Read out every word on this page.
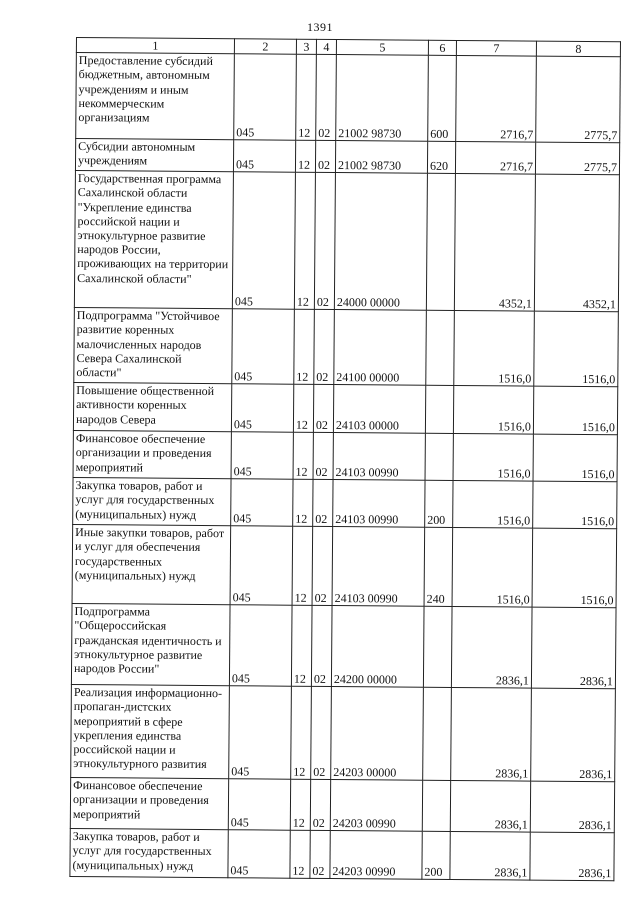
1391
1	2	3	4	5	6	7	8
Предоставление субсидий бюджетным, автономным учреждениям и иным некоммерческим организациям	045	12	02	21002 98730	600	2716,7	2775,7
Субсидии автономным учреждениям	045	12	02	21002 98730	620	2716,7	2775,7
Государственная программа Сахалинской области "Укрепление единства российской нации и этнокультурное развитие народов России, проживающих на территории Сахалинской области"	045	12	02	24000 00000		4352,1	4352,1
Подпрограмма "Устойчивое развитие коренных малочисленных народов Севера Сахалинской области"	045	12	02	24100 00000		1516,0	1516,0
Повышение общественной активности коренных народов Севера	045	12	02	24103 00000		1516,0	1516,0
Финансовое обеспечение организации и проведения мероприятий	045	12	02	24103 00990		1516,0	1516,0
Закупка товаров, работ и услуг для государственных (муниципальных) нужд	045	12	02	24103 00990	200	1516,0	1516,0
Иные закупки товаров, работ и услуг для обеспечения государственных (муниципальных) нужд	045	12	02	24103 00990	240	1516,0	1516,0
Подпрограмма "Общероссийская гражданская идентичность и этнокультурное развитие народов России"	045	12	02	24200 00000		2836,1	2836,1
Реализация информационно-пропаган-дистских мероприятий в сфере укрепления единства российской нации и этнокультурного развития	045	12	02	24203 00000		2836,1	2836,1
Финансовое обеспечение организации и проведения мероприятий	045	12	02	24203 00990		2836,1	2836,1
Закупка товаров, работ и услуг для государственных (муниципальных) нужд	045	12	02	24203 00990	200	2836,1	2836,1
